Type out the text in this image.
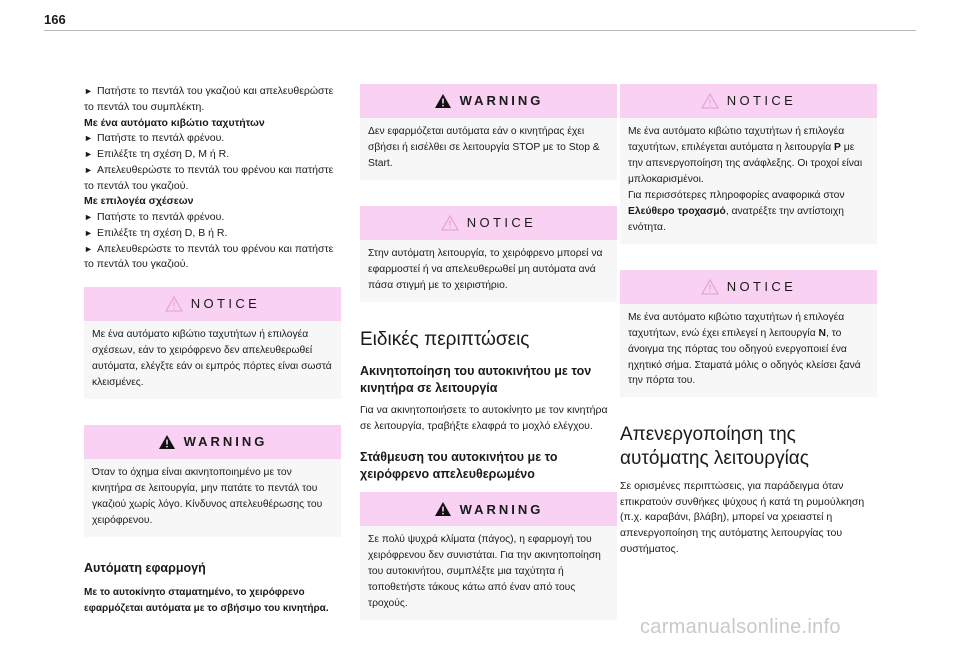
166
► Πατήστε το πεντάλ του γκαζιού και απελευθερώστε
το πεντάλ του συμπλέκτη.
Με ένα αυτόματο κιβώτιο ταχυτήτων
► Πατήστε το πεντάλ φρένου.
► Επιλέξτε τη σχέση D, M ή R.
► Απελευθερώστε το πεντάλ του φρένου και πατήστε
το πεντάλ του γκαζιού.
Με επιλογέα σχέσεων
► Πατήστε το πεντάλ φρένου.
► Επιλέξτε τη σχέση D, B ή R.
► Απελευθερώστε το πεντάλ του φρένου και πατήστε
το πεντάλ του γκαζιού.
NOTICE
Με ένα αυτόματο κιβώτιο ταχυτήτων ή επιλογέα σχέσεων, εάν το χειρόφρενο δεν απελευθερωθεί αυτόματα, ελέγξτε εάν οι εμπρός πόρτες είναι σωστά κλεισμένες.
WARNING
Όταν το όχημα είναι ακινητοποιημένο με τον κινητήρα σε λειτουργία, μην πατάτε το πεντάλ του γκαζιού χωρίς λόγο. Κίνδυνος απελευθέρωσης του χειρόφρενου.
Αυτόματη εφαρμογή
Με το αυτοκίνητο σταματημένο, το χειρόφρενο εφαρμόζεται αυτόματα με το σβήσιμο του κινητήρα.
WARNING
Δεν εφαρμόζεται αυτόματα εάν ο κινητήρας έχει σβήσει ή εισέλθει σε λειτουργία STOP με το Stop & Start.
NOTICE
Στην αυτόματη λειτουργία, το χειρόφρενο μπορεί να εφαρμοστεί ή να απελευθερωθεί μη αυτόματα ανά πάσα στιγμή με το χειριστήριο.
Ειδικές περιπτώσεις
Ακινητοποίηση του αυτοκινήτου με τον κινητήρα σε λειτουργία
Για να ακινητοποιήσετε το αυτοκίνητο με τον κινητήρα σε λειτουργία, τραβήξτε ελαφρά το μοχλό ελέγχου.
Στάθμευση του αυτοκινήτου με το χειρόφρενο απελευθερωμένο
WARNING
Σε πολύ ψυχρά κλίματα (πάγος), η εφαρμογή του χειρόφρενου δεν συνιστάται. Για την ακινητοποίηση του αυτοκινήτου, συμπλέξτε μια ταχύτητα ή τοποθετήστε τάκους κάτω από έναν από τους τροχούς.
NOTICE
Με ένα αυτόματο κιβώτιο ταχυτήτων ή επιλογέα ταχυτήτων, επιλέγεται αυτόματα η λειτουργία P με την απενεργοποίηση της ανάφλεξης. Οι τροχοί είναι μπλοκαρισμένοι.
Για περισσότερες πληροφορίες αναφορικά στον Ελεύθερο τροχασμό, ανατρέξτε την αντίστοιχη ενότητα.
NOTICE
Με ένα αυτόματο κιβώτιο ταχυτήτων ή επιλογέα ταχυτήτων, ενώ έχει επιλεγεί η λειτουργία N, το άνοιγμα της πόρτας του οδηγού ενεργοποιεί ένα ηχητικό σήμα. Σταματά μόλις ο οδηγός κλείσει ξανά την πόρτα του.
Απενεργοποίηση της αυτόματης λειτουργίας
Σε ορισμένες περιπτώσεις, για παράδειγμα όταν επικρατούν συνθήκες ψύχους ή κατά τη ρυμούλκηση (π.χ. καραβάνι, βλάβη), μπορεί να χρειαστεί η απενεργοποίηση της αυτόματης λειτουργίας του συστήματος.
carmanualsonline.info
